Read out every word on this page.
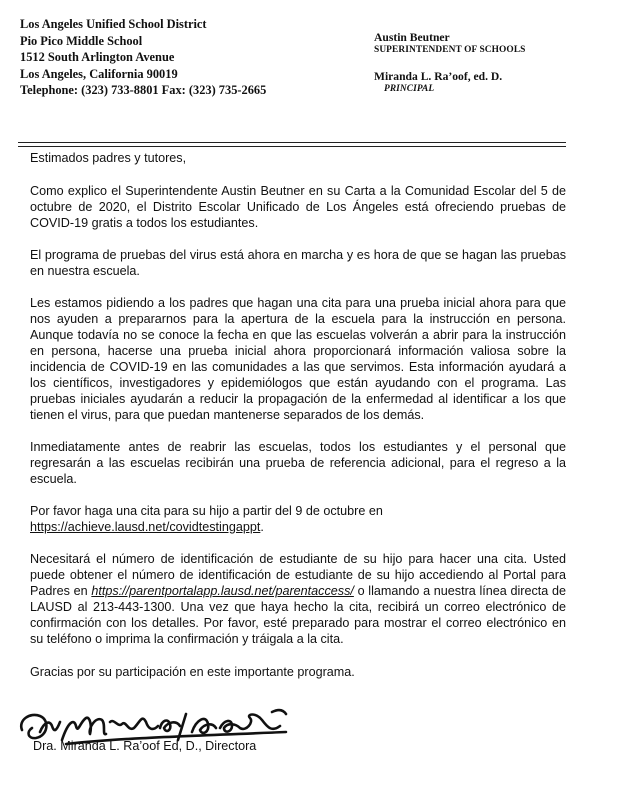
Los Angeles Unified School District
Pio Pico Middle School
1512 South Arlington Avenue
Los Angeles, California 90019
Telephone: (323) 733-8801 Fax: (323) 735-2665
Austin Beutner
SUPERINTENDENT OF SCHOOLS
Miranda L. Ra’oof, ed. D.
PRINCIPAL

Estimados padres y tutores,

Como explico el Superintendente Austin Beutner en su Carta a la Comunidad Escolar del 5 de octubre de 2020, el Distrito Escolar Unificado de Los Ángeles está ofreciendo pruebas de COVID-19 gratis a todos los estudiantes.

El programa de pruebas del virus está ahora en marcha y es hora de que se hagan las pruebas en nuestra escuela.

Les estamos pidiendo a los padres que hagan una cita para una prueba inicial ahora para que nos ayuden a prepararnos para la apertura de la escuela para la instrucción en persona. Aunque todavía no se conoce la fecha en que las escuelas volverán a abrir para la instrucción en persona, hacerse una prueba inicial ahora proporcionará información valiosa sobre la incidencia de COVID-19 en las comunidades a las que servimos. Esta información ayudará a los científicos, investigadores y epidemiólogos que están ayudando con el programa. Las pruebas iniciales ayudarán a reducir la propagación de la enfermedad al identificar a los que tienen el virus, para que puedan mantenerse separados de los demás.

Inmediatamente antes de reabrir las escuelas, todos los estudiantes y el personal que regresarán a las escuelas recibirán una prueba de referencia adicional, para el regreso a la escuela.

Por favor haga una cita para su hijo a partir del 9 de octubre en
https://achieve.lausd.net/covidtestingappt.

Necesitará el número de identificación de estudiante de su hijo para hacer una cita. Usted puede obtener el número de identificación de estudiante de su hijo accediendo al Portal para Padres en https://parentportalapp.lausd.net/parentaccess/ o llamando a nuestra línea directa de LAUSD al 213-443-1300. Una vez que haya hecho la cita, recibirá un correo electrónico de confirmación con los detalles. Por favor, esté preparado para mostrar el correo electrónico en su teléfono o imprima la confirmación y tráigala a la cita.

Gracias por su participación en este importante programa.

Dra. Miranda L. Ra’oof Ed, D., Directora
